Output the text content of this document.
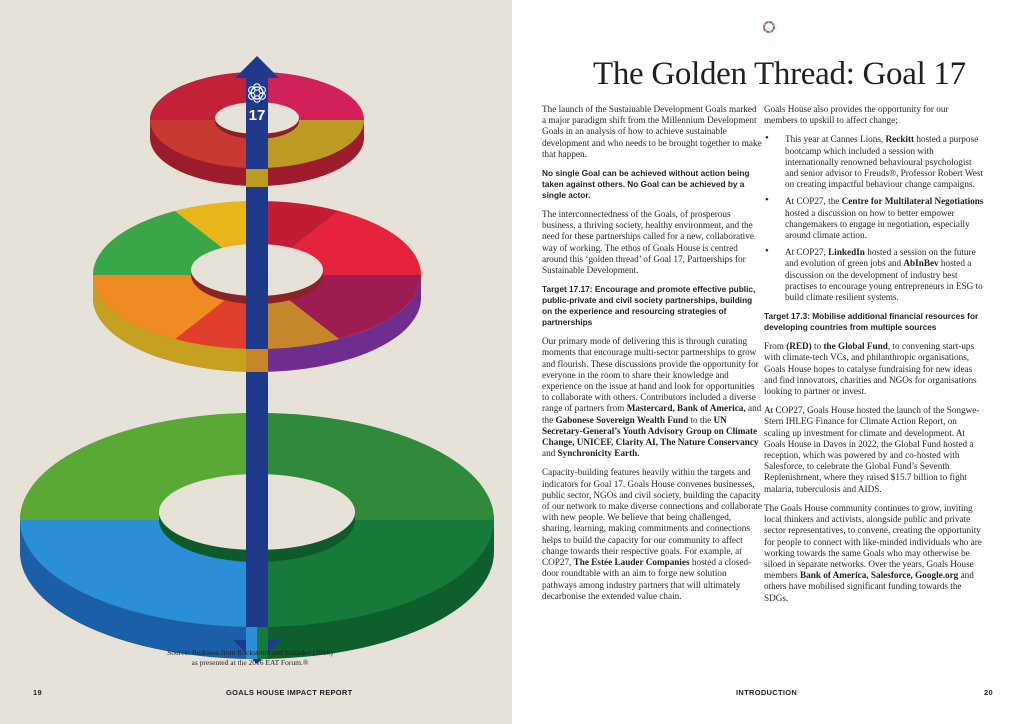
17
Source: Redrawn from Rockström and Sukhdev (2016)
as presented at the 2016 EAT Forum.®
19	GOALS HOUSE IMPACT REPORT
The Golden Thread: Goal 17

The launch of the Sustainable Development Goals marked a major paradigm shift from the Millennium Development Goals in an analysis of how to achieve sustainable development and who needs to be brought together to make that happen.

No single Goal can be achieved without action being taken against others. No Goal can be achieved by a single actor.

The interconnectedness of the Goals, of prosperous business, a thriving society, healthy environment, and the need for these partnerships called for a new, collaborative way of working. The ethos of Goals House is centred around this ‘golden thread’ of Goal 17, Partnerships for Sustainable Development.

Target 17.17: Encourage and promote effective public, public-private and civil society partnerships, building on the experience and resourcing strategies of partnerships

Our primary mode of delivering this is through curating moments that encourage multi-sector partnerships to grow and flourish. These discussions provide the opportunity for everyone in the room to share their knowledge and experience on the issue at hand and look for opportunities to collaborate with others. Contributors included a diverse range of partners from Mastercard, Bank of America, and the Gabonese Sovereign Wealth Fund to the UN Secretary-General’s Youth Advisory Group on Climate Change, UNICEF, Clarity AI, The Nature Conservancy and Synchronicity Earth.

Capacity-building features heavily within the targets and indicators for Goal 17. Goals House convenes businesses, public sector, NGOs and civil society, building the capacity of our network to make diverse connections and collaborate with new people. We believe that being challenged, sharing, learning, making commitments and connections helps to build the capacity for our community to affect change towards their respective goals. For example, at COP27, The Estée Lauder Companies hosted a closed-door roundtable with an aim to forge new solution pathways among industry partners that will ultimately decarbonise the extended value chain.

Goals House also provides the opportunity for our members to upskill to affect change;

• This year at Cannes Lions, Reckitt hosted a purpose bootcamp which included a session with internationally renowned behavioural psychologist and senior advisor to Freuds®, Professor Robert West on creating impactful behaviour change campaigns.
• At COP27, the Centre for Multilateral Negotiations hosted a discussion on how to better empower changemakers to engage in negotiation, especially around climate action.
• At COP27, LinkedIn hosted a session on the future and evolution of green jobs and AbInBev hosted a discussion on the development of industry best practises to encourage young entrepreneurs in ESG to build climate resilient systems.

Target 17.3: Mobilise additional financial resources for developing countries from multiple sources

From (RED) to the Global Fund, to convening start-ups with climate-tech VCs, and philanthropic organisations, Goals House hopes to catalyse fundraising for new ideas and find innovators, charities and NGOs for organisations looking to partner or invest.

At COP27, Goals House hosted the launch of the Songwe-Stern IHLEG Finance for Climate Action Report, on scaling up investment for climate and development. At Goals House in Davos in 2022, the Global Fund hosted a reception, which was powered by and co-hosted with Salesforce, to celebrate the Global Fund’s Seventh Replenishment, where they raised $15.7 billion to fight malaria, tuberculosis and AIDS.

The Goals House community continues to grow, inviting local thinkers and activists, alongside public and private sector representatives, to convene, creating the opportunity for people to connect with like-minded individuals who are working towards the same Goals who may otherwise be siloed in separate networks. Over the years, Goals House members Bank of America, Salesforce, Google.org and others have mobilised significant funding towards the SDGs.

INTRODUCTION	20
